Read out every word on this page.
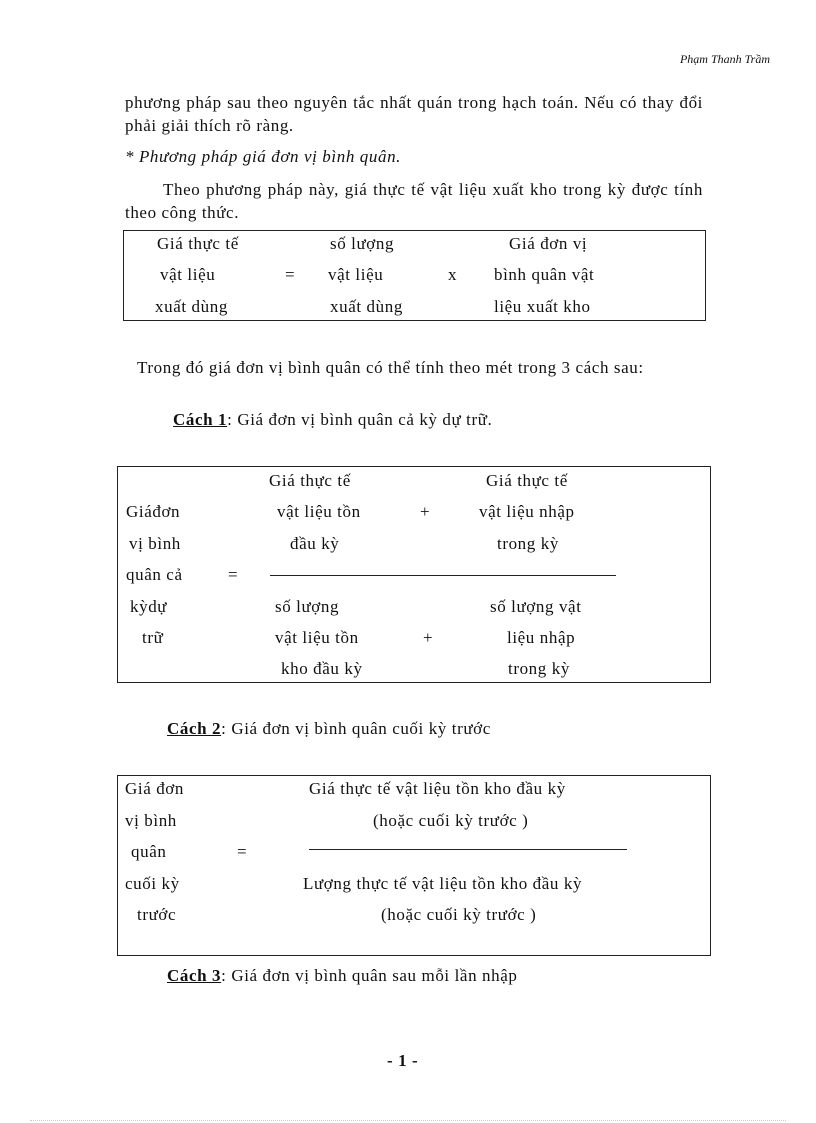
Phạm Thanh Trầm
phương pháp sau theo nguyên tắc nhất quán trong hạch toán. Nếu có thay đổi phải giải thích rõ ràng.
* Phương pháp giá đơn vị bình quân.
Theo phương pháp này, giá thực tế vật liệu xuất kho trong kỳ được tính theo công thức.
Giá thực tế
vật liệu
xuất dùng
=
số lượng
vật liệu
xuất dùng
x
Giá đơn vị
bình quân vật
liệu xuất kho
Trong đó giá đơn vị bình quân có thể tính theo mét trong 3 cách sau:
Cách 1: Giá đơn vị bình quân cả kỳ dự trữ.
Giáđơn
vị bình
quân cả
kỳdự
trữ
=
Giá thực tế
vật liệu tồn
đầu kỳ
+
Giá thực tế
vật liệu nhập
trong kỳ
số lượng
vật liệu tồn
kho đầu kỳ
+
số lượng vật
liệu nhập
trong kỳ
Cách 2: Giá đơn vị bình quân cuối kỳ trước
Giá đơn
vị bình
quân
cuối kỳ
trước
=
Giá thực tế vật liệu tồn kho đầu kỳ
(hoặc cuối kỳ trước )
Lượng thực tế vật liệu tồn kho đầu kỳ
(hoặc cuối kỳ trước )
Cách 3: Giá đơn vị bình quân sau mỗi lần nhập
- 1 -
